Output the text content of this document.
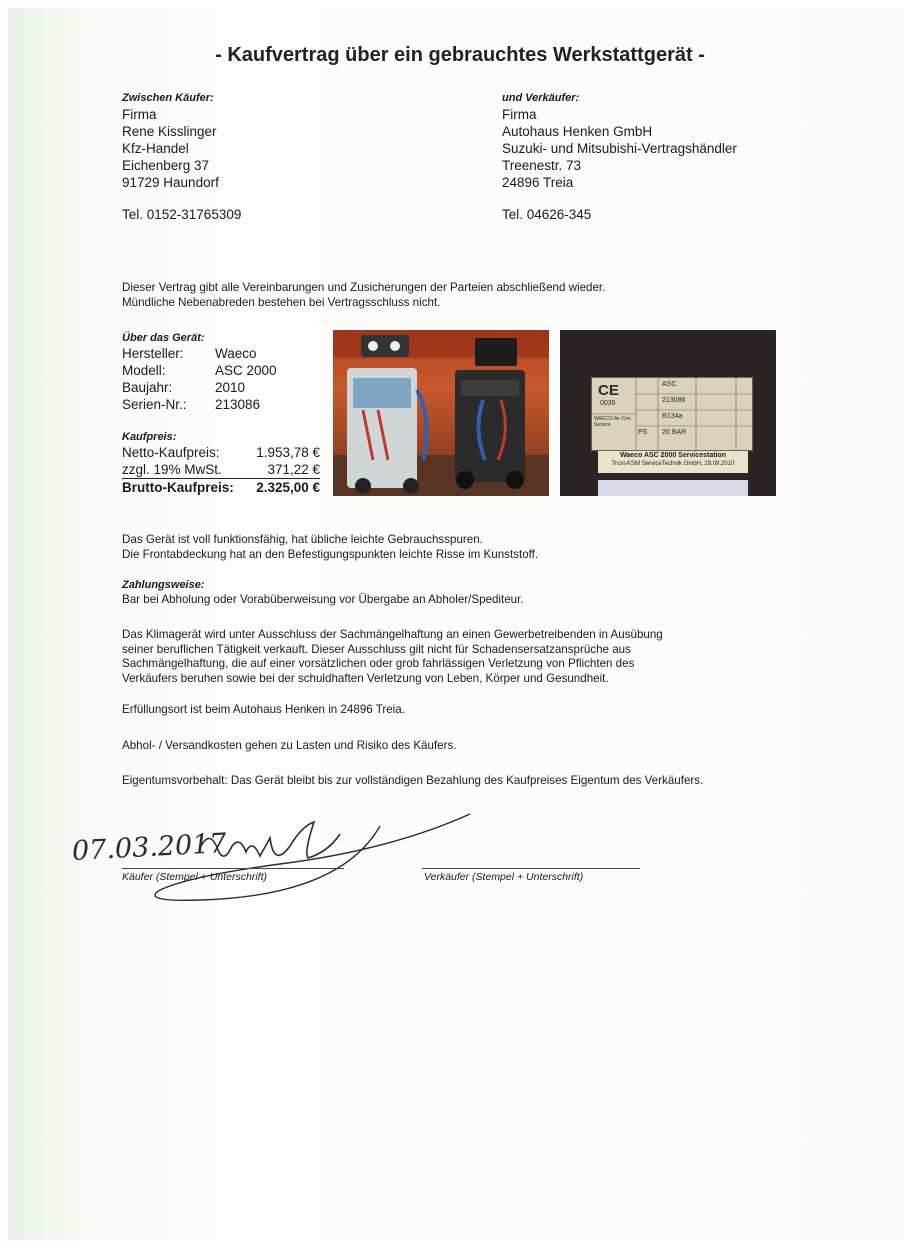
- Kaufvertrag über ein gebrauchtes Werkstattgerät -
Zwischen Käufer:
Firma
Rene Kisslinger
Kfz-Handel
Eichenberg 37
91729 Haundorf
Tel. 0152-31765309
und Verkäufer:
Firma
Autohaus Henken GmbH
Suzuki- und Mitsubishi-Vertragshändler
Treenestr. 73
24896 Treia
Tel. 04626-345
Dieser Vertrag gibt alle Vereinbarungen und Zusicherungen der Parteien abschließend wieder.
Mündliche Nebenabreden bestehen bei Vertragsschluss nicht.
Über das Gerät:
Hersteller:	Waeco
Modell:	ASC 2000
Baujahr:	2010
Serien-Nr.:	213086
Kaufpreis:
Netto-Kaufpreis:	1.953,78 €
zzgl. 19% MwSt.	371,22 €
Brutto-Kaufpreis: 2.325,00 €
CE
0035
WAECO Air-Con Service
ASC
213086
R134a
20 BAR
PS
Waeco ASC 2000 Servicestation
Trost-KSM ServiceTechnik GmbH, 29.09.2010
Das Gerät ist voll funktionsfähig, hat übliche leichte Gebrauchsspuren.
Die Frontabdeckung hat an den Befestigungspunkten leichte Risse im Kunststoff.
Zahlungsweise:
Bar bei Abholung oder Vorabüberweisung vor Übergabe an Abholer/Spediteur.
Das Klimagerät wird unter Ausschluss der Sachmängelhaftung an einen Gewerbetreibenden in Ausübung
seiner beruflichen Tätigkeit verkauft. Dieser Ausschluss gilt nicht für Schadensersatzansprüche aus
Sachmängelhaftung, die auf einer vorsätzlichen oder grob fahrlässigen Verletzung von Pflichten des
Verkäufers beruhen sowie bei der schuldhaften Verletzung von Leben, Körper und Gesundheit.
Erfüllungsort ist beim Autohaus Henken in 24896 Treia.
Abhol- / Versandkosten gehen zu Lasten und Risiko des Käufers.
Eigentumsvorbehalt: Das Gerät bleibt bis zur vollständigen Bezahlung des Kaufpreises Eigentum des Verkäufers.
07.03.2017
Käufer (Stempel + Unterschrift)	Verkäufer (Stempel + Unterschrift)
